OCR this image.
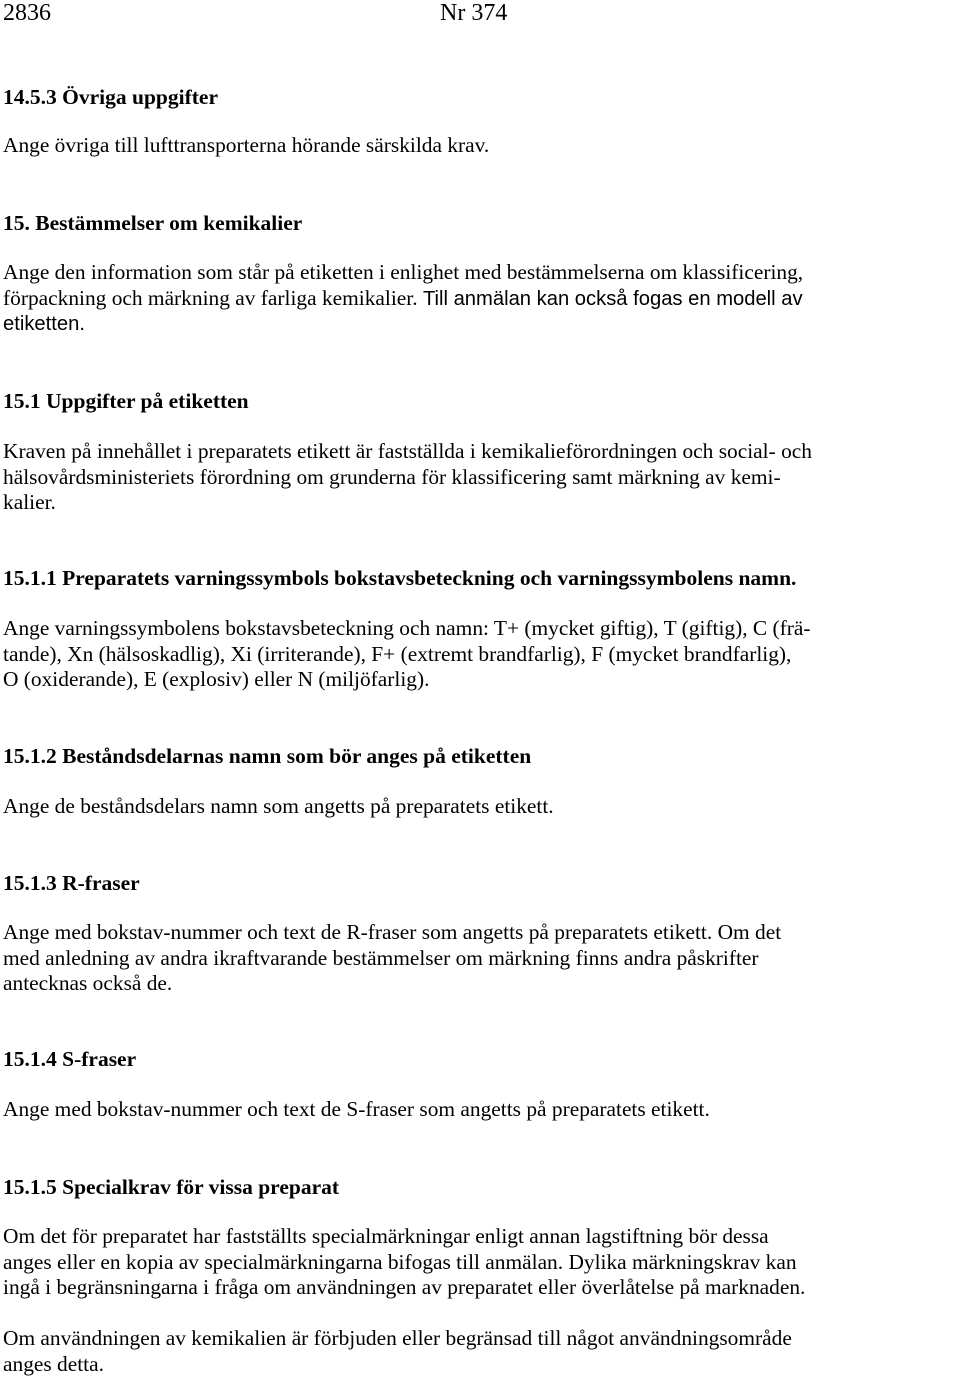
2836	Nr 374
14.5.3 Övriga uppgifter
Ange övriga till lufttransporterna hörande särskilda krav.
15. Bestämmelser om kemikalier
Ange den information som står på etiketten i enlighet med bestämmelserna om klassificering,
förpackning och märkning av farliga kemikalier. Till anmälan kan också fogas en modell av
etiketten.
15.1 Uppgifter på etiketten
Kraven på innehållet i preparatets etikett är fastställda i kemikalieförordningen och social- och
hälsovårdsministeriets förordning om grunderna för klassificering samt märkning av kemi-
kalier.
15.1.1 Preparatets varningssymbols bokstavsbeteckning och varningssymbolens namn.
Ange varningssymbolens bokstavsbeteckning och namn: T+ (mycket giftig), T (giftig), C (frä-
tande), Xn (hälsoskadlig), Xi (irriterande), F+ (extremt brandfarlig), F (mycket brandfarlig),
O (oxiderande), E (explosiv) eller N (miljöfarlig).
15.1.2 Beståndsdelarnas namn som bör anges på etiketten
Ange de beståndsdelars namn som angetts på preparatets etikett.
15.1.3 R-fraser
Ange med bokstav-nummer och text de R-fraser som angetts på preparatets etikett. Om det
med anledning av andra ikraftvarande bestämmelser om märkning finns andra påskrifter
antecknas också de.
15.1.4 S-fraser
Ange med bokstav-nummer och text de S-fraser som angetts på preparatets etikett.
15.1.5 Specialkrav för vissa preparat
Om det för preparatet har fastställts specialmärkningar enligt annan lagstiftning bör dessa
anges eller en kopia av specialmärkningarna bifogas till anmälan. Dylika märkningskrav kan
ingå i begränsningarna i fråga om användningen av preparatet eller överlåtelse på marknaden.
Om användningen av kemikalien är förbjuden eller begränsad till något användningsområde
anges detta.
